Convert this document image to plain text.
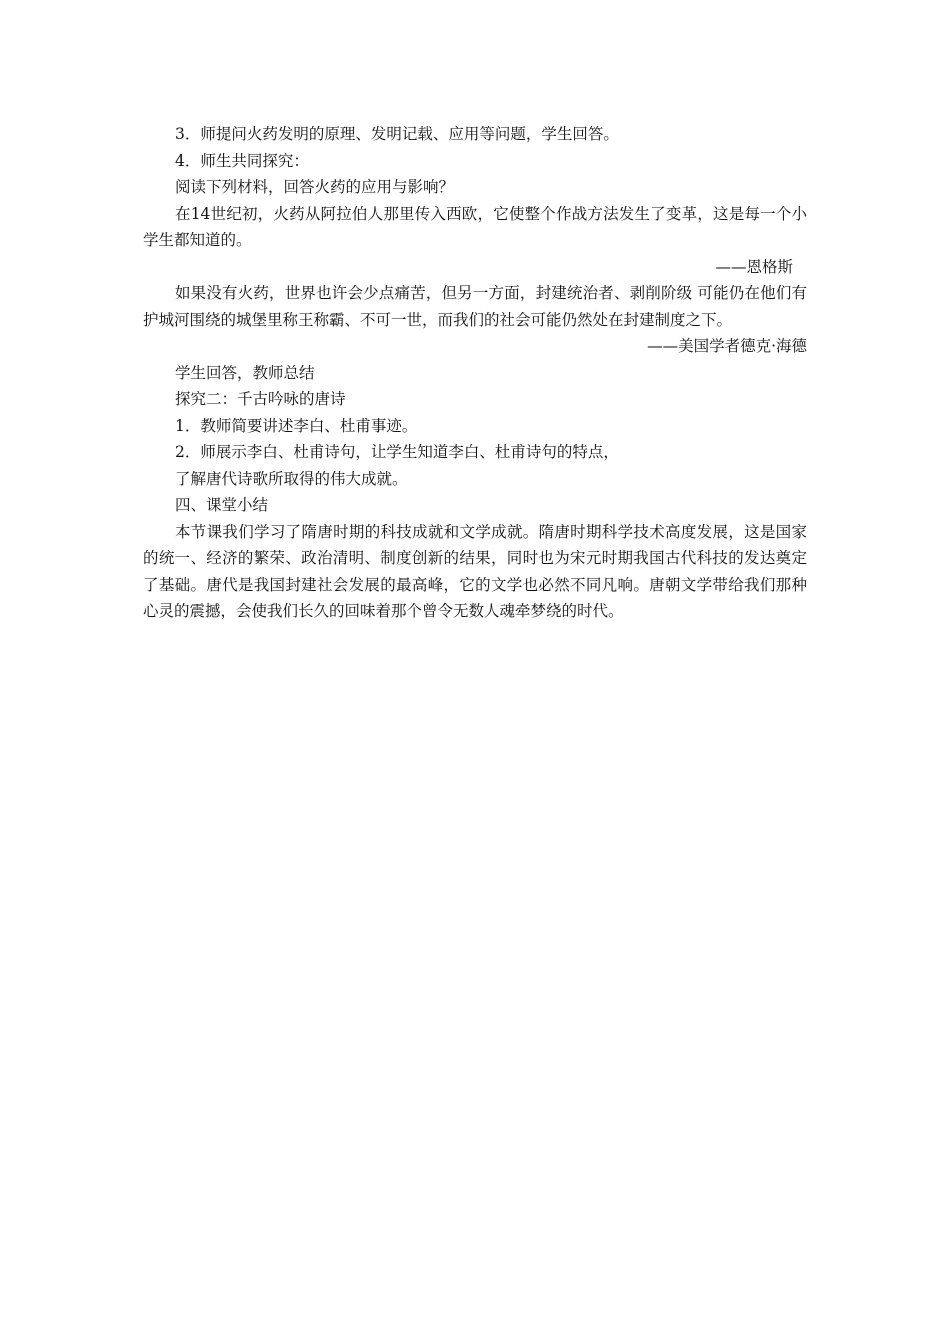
3．师提问火药发明的原理、发明记载、应用等问题，学生回答。
4．师生共同探究：
阅读下列材料，回答火药的应用与影响？

在14世纪初，火药从阿拉伯人那里传入西欧，它使整个作战方法发生了变革，这是每一个小学生都知道的。

——恩格斯

如果没有火药，世界也许会少点痛苦，但另一方面，封建统治者、剥削阶级 可能仍在他们有护城河围绕的城堡里称王称霸、不可一世，而我们的社会可能仍然处在封建制度之下。

——美国学者德克·海德
学生回答，教师总结
探究二：千古吟咏的唐诗
1．教师简要讲述李白、杜甫事迹。
2．师展示李白、杜甫诗句，让学生知道李白、杜甫诗句的特点，
了解唐代诗歌所取得的伟大成就。
四、课堂小结

本节课我们学习了隋唐时期的科技成就和文学成就。隋唐时期科学技术高度发展，这是国家的统一、经济的繁荣、政治清明、制度创新的结果，同时也为宋元时期我国古代科技的发达奠定了基础。唐代是我国封建社会发展的最高峰，它的文学也必然不同凡响。唐朝文学带给我们那种心灵的震撼，会使我们长久的回味着那个曾令无数人魂牵梦绕的时代。
